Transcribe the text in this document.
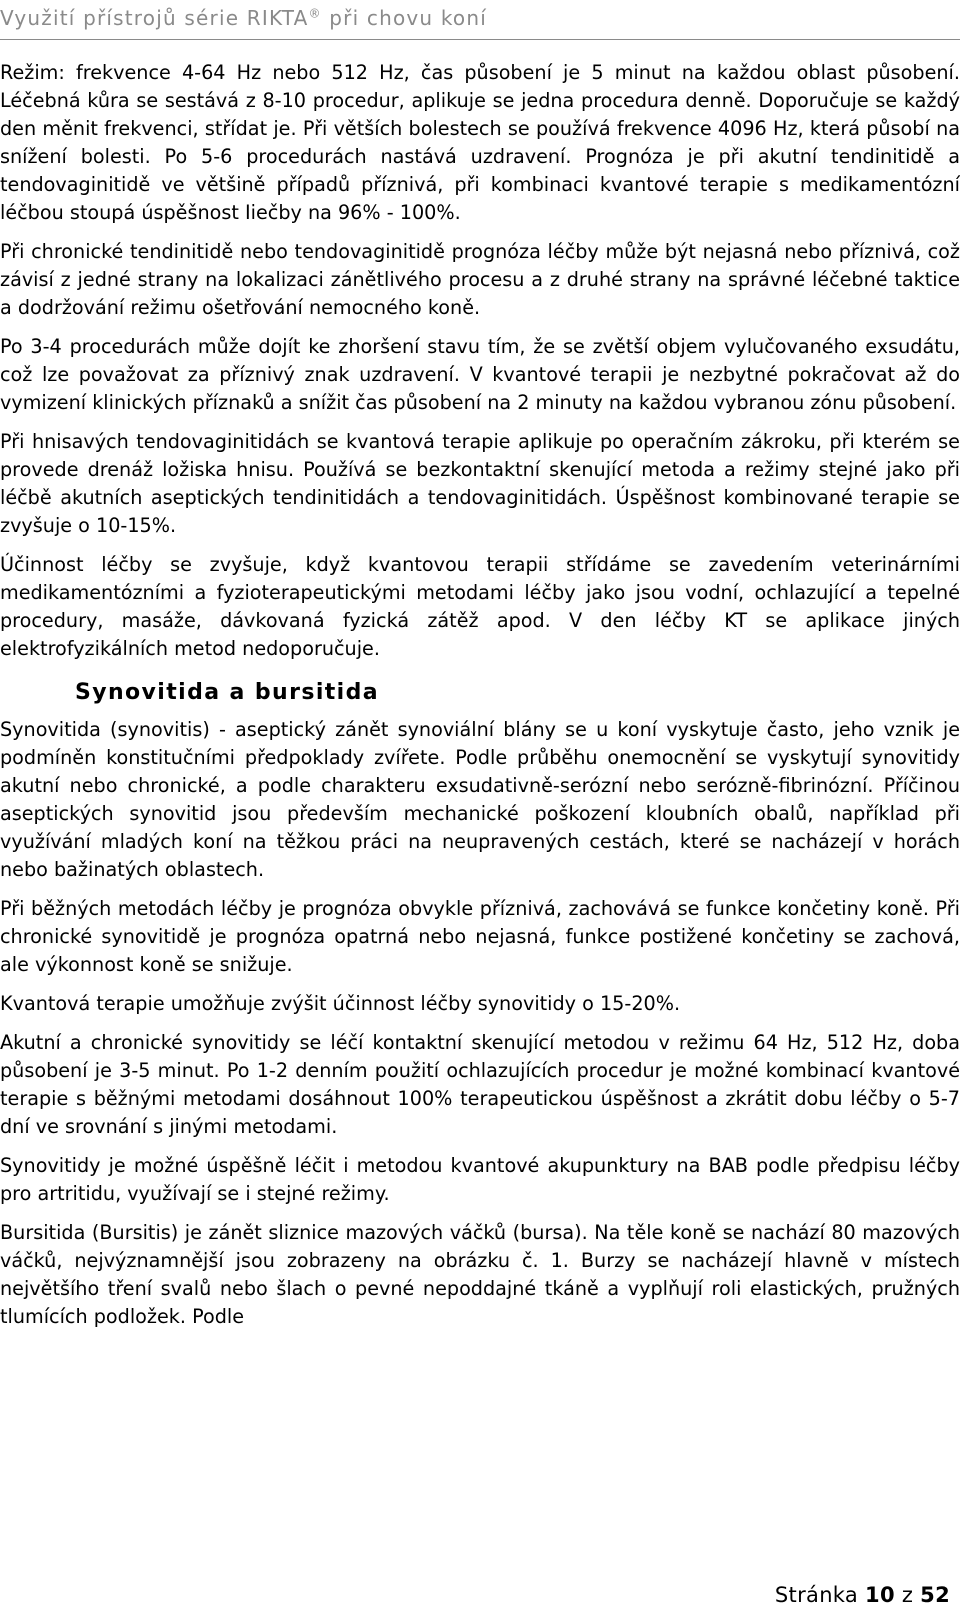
Využití přístrojů série RIKTA® při chovu koní

Režim: frekvence 4-64 Hz nebo 512 Hz, čas působení je 5 minut na každou oblast působení. Léčebná kůra se sestává z 8-10 procedur, aplikuje se jedna procedura denně. Doporučuje se každý den měnit frekvenci, střídat je. Při větších bolestech se používá frekvence 4096 Hz, která působí na snížení bolesti. Po 5-6 procedurách nastává uzdravení. Prognóza je při akutní tendinitidě a tendovaginitidě ve většině případů příznivá, při kombinaci kvantové terapie s medikamentózní léčbou stoupá úspěšnost Iiečby na 96% - 100%.

Při chronické tendinitidě nebo tendovaginitidě prognóza léčby může být nejasná nebo příznivá, což závisí z jedné strany na lokalizaci zánětlivého procesu a z druhé strany na správné léčebné taktice a dodržování režimu ošetřování nemocného koně.

Po 3-4 procedurách může dojít ke zhoršení stavu tím, že se zvětší objem vylučovaného exsudátu, což lze považovat za příznivý znak uzdravení. V kvantové terapii je nezbytné pokračovat až do vymizení klinických příznaků a snížit čas působení na 2 minuty na každou vybranou zónu působení.

Při hnisavých tendovaginitidách se kvantová terapie aplikuje po operačním zákroku, při kterém se provede drenáž ložiska hnisu. Používá se bezkontaktní skenující metoda a režimy stejné jako při léčbě akutních aseptických tendinitidách a tendovaginitidách. Úspěšnost kombinované terapie se zvyšuje o 10-15%.

Účinnost léčby se zvyšuje, když kvantovou terapii střídáme se zavedením veterinárními medikamentózními a fyzioterapeutickými metodami léčby jako jsou vodní, ochlazující a tepelné procedury, masáže, dávkovaná fyzická zátěž apod. V den léčby KT se aplikace jiných elektrofyzikálních metod nedoporučuje.

Synovitida a bursitida

Synovitida (synovitis) - aseptický zánět synoviální blány se u koní vyskytuje často, jeho vznik je podmíněn konstitučními předpoklady zvířete. Podle průběhu onemocnění se vyskytují synovitidy akutní nebo chronické, a podle charakteru exsudativně-serózní nebo serózně-fibrinózní. Příčinou aseptických synovitid jsou především mechanické poškození kloubních obalů, například při využívání mladých koní na těžkou práci na neupravených cestách, které se nacházejí v horách nebo bažinatých oblastech.

Při běžných metodách léčby je prognóza obvykle příznivá, zachovává se funkce končetiny koně. Při chronické synovitidě je prognóza opatrná nebo nejasná, funkce postižené končetiny se zachová, ale výkonnost koně se snižuje.

Kvantová terapie umožňuje zvýšit účinnost léčby synovitidy o 15-20%.

Akutní a chronické synovitidy se léčí kontaktní skenující metodou v režimu 64 Hz, 512 Hz, doba působení je 3-5 minut. Po 1-2 denním použití ochlazujících procedur je možné kombinací kvantové terapie s běžnými metodami dosáhnout 100% terapeutickou úspěšnost a zkrátit dobu léčby o 5-7 dní ve srovnání s jinými metodami.

Synovitidy je možné úspěšně léčit i metodou kvantové akupunktury na BAB podle předpisu léčby pro artritidu, využívají se i stejné režimy.

Bursitida (Bursitis) je zánět sliznice mazových váčků (bursa). Na těle koně se nachází 80 mazových váčků, nejvýznamnější jsou zobrazeny na obrázku č. 1. Burzy se nacházejí hlavně v místech největšího tření svalů nebo šlach o pevné nepoddajné tkáně a vyplňují roli elastických, pružných tlumících podložek. Podle

Stránka 10 z 52
